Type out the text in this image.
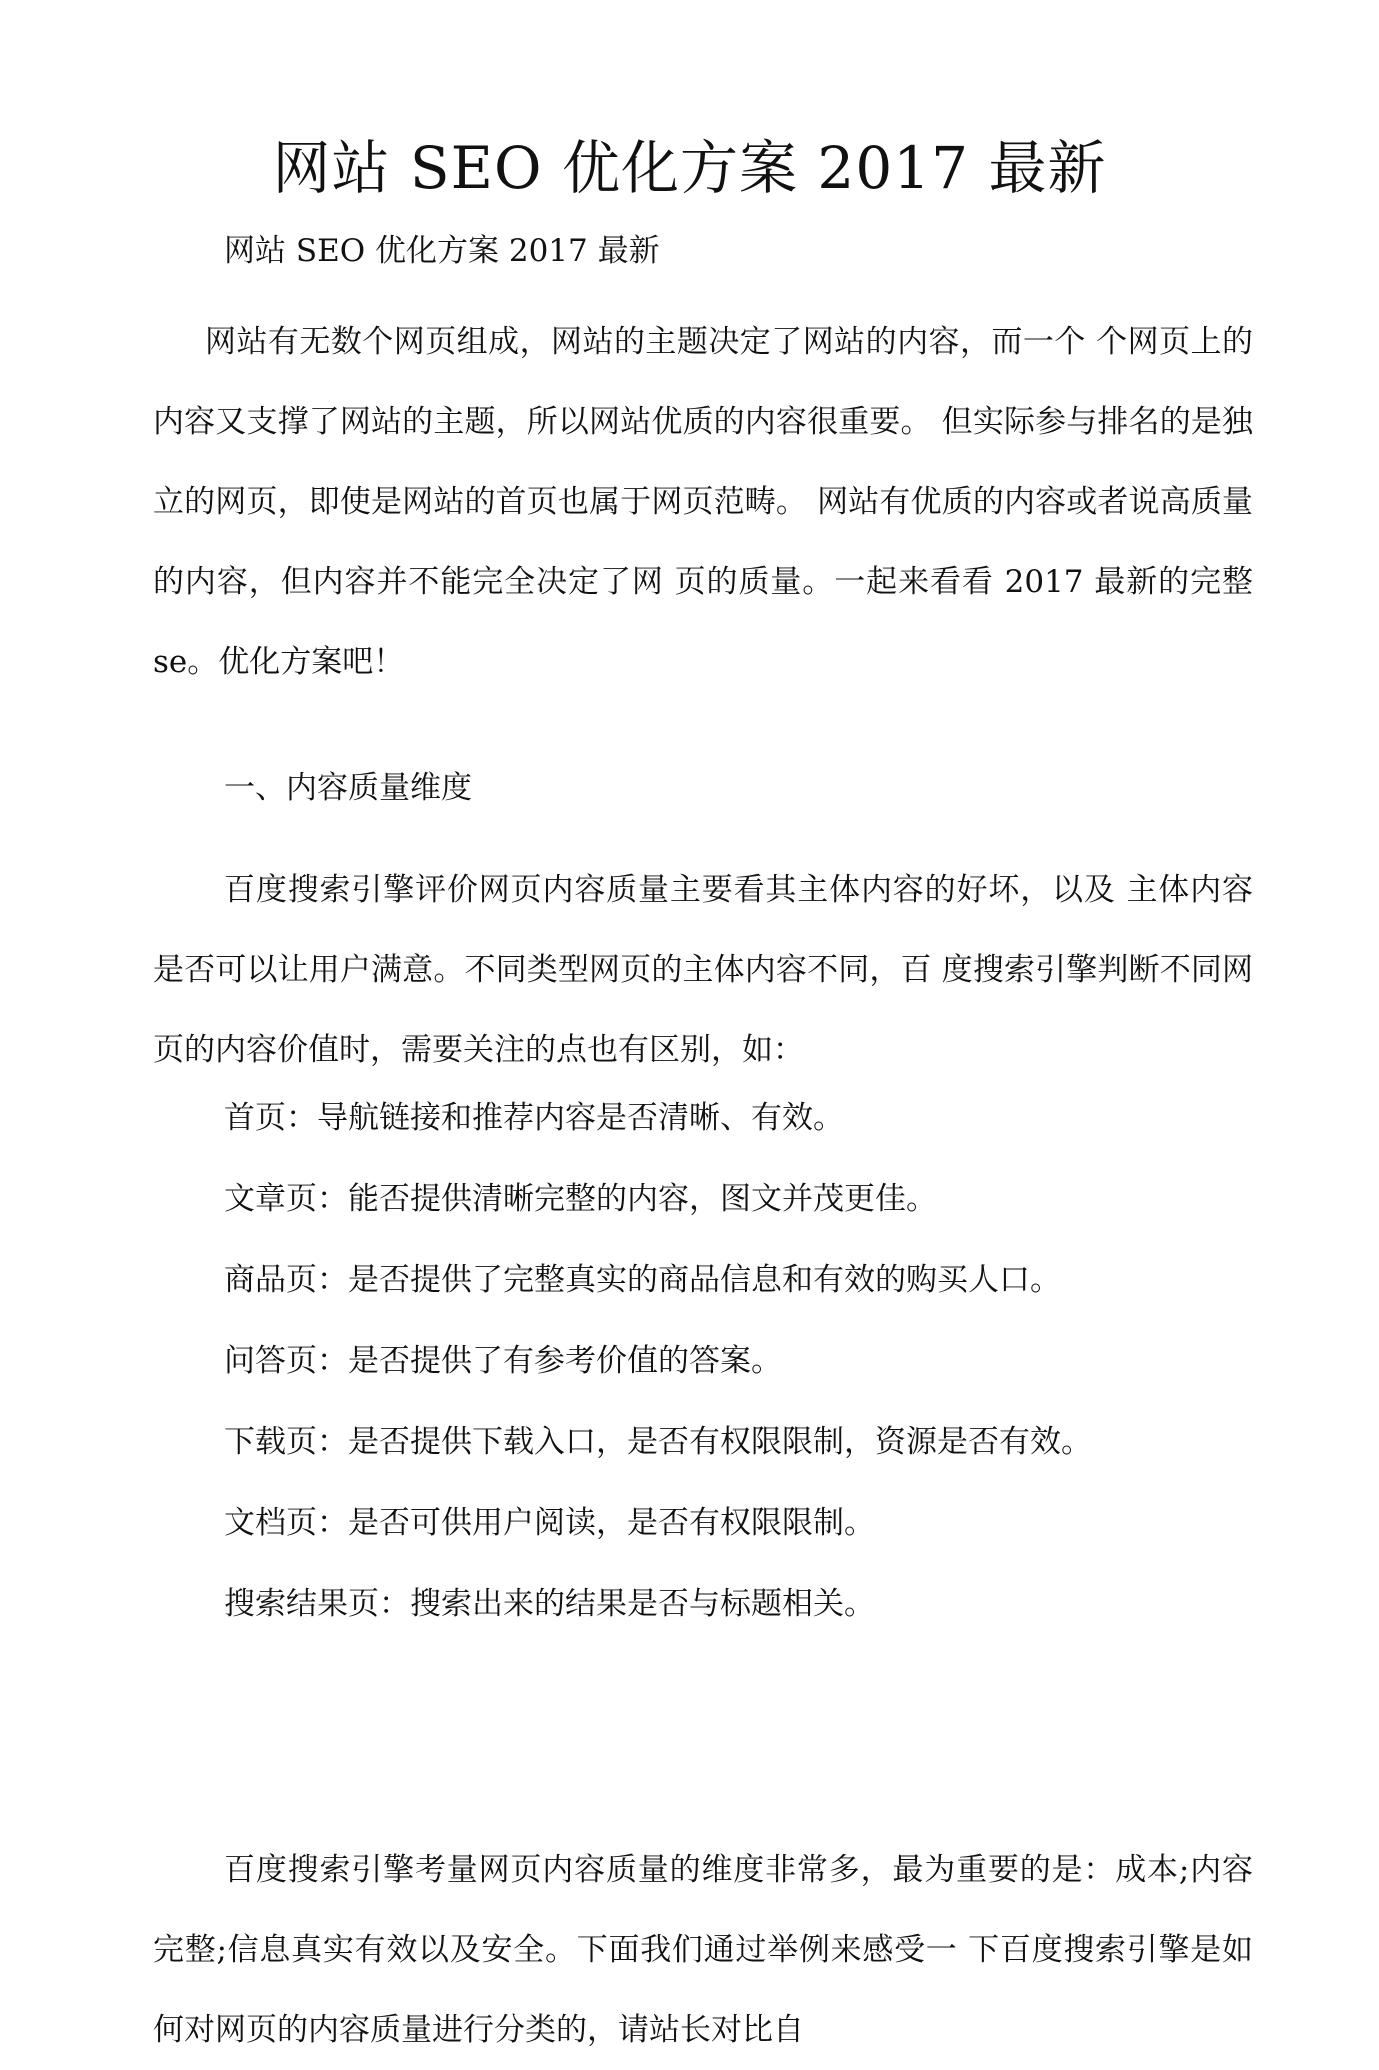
网站 SEO 优化方案 2017 最新

网站 SEO 优化方案 2017 最新

网站有无数个网页组成，网站的主题决定了网站的内容，而一个 个网页上的内容又支撑了网站的主题，所以网站优质的内容很重要。 但实际参与排名的是独立的网页，即使是网站的首页也属于网页范畴。 网站有优质的内容或者说高质量的内容，但内容并不能完全决定了网 页的质量。一起来看看 2017 最新的完整 se。优化方案吧！

一、内容质量维度

百度搜索引擎评价网页内容质量主要看其主体内容的好坏，以及 主体内容是否可以让用户满意。不同类型网页的主体内容不同，百 度搜索引擎判断不同网页的内容价值时，需要关注的点也有区别，如：

首页：导航链接和推荐内容是否清晰、有效。

文章页：能否提供清晰完整的内容，图文并茂更佳。

商品页：是否提供了完整真实的商品信息和有效的购买人口。

问答页：是否提供了有参考价值的答案。

下载页：是否提供下载入口，是否有权限限制，资源是否有效。

文档页：是否可供用户阅读，是否有权限限制。

搜索结果页：搜索出来的结果是否与标题相关。

百度搜索引擎考量网页内容质量的维度非常多，最为重要的是：成本;内容完整;信息真实有效以及安全。下面我们通过举例来感受一 下百度搜索引擎是如何对网页的内容质量进行分类的，请站长对比自
